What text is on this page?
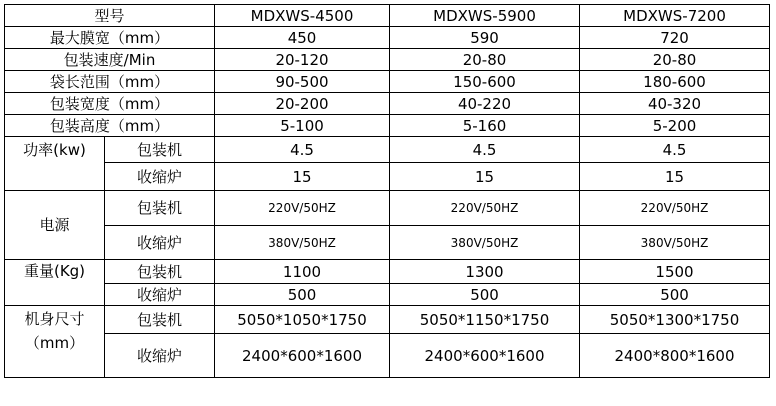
型号		MDXWS-4500	MDXWS-5900	MDXWS-7200
最大膜宽（mm）		450	590	720
包装速度/Min		20-120	20-80	20-80
袋长范围（mm）		90-500	150-600	180-600
包装宽度（mm）		20-200	40-220	40-320
包装高度（mm）		5-100	5-160	5-200
功率(kw)	包装机	4.5	4.5	4.5
	收缩炉	15	15	15
电源	包装机	220V/50HZ	220V/50HZ	220V/50HZ
	收缩炉	380V/50HZ	380V/50HZ	380V/50HZ
重量(Kg)	包装机	1100	1300	1500
	收缩炉	500	500	500

机身尺寸
（mm）	包装机	5050*1050*1750	5050*1150*1750	5050*1300*1750
	收缩炉	2400*600*1600	2400*600*1600	2400*800*1600
